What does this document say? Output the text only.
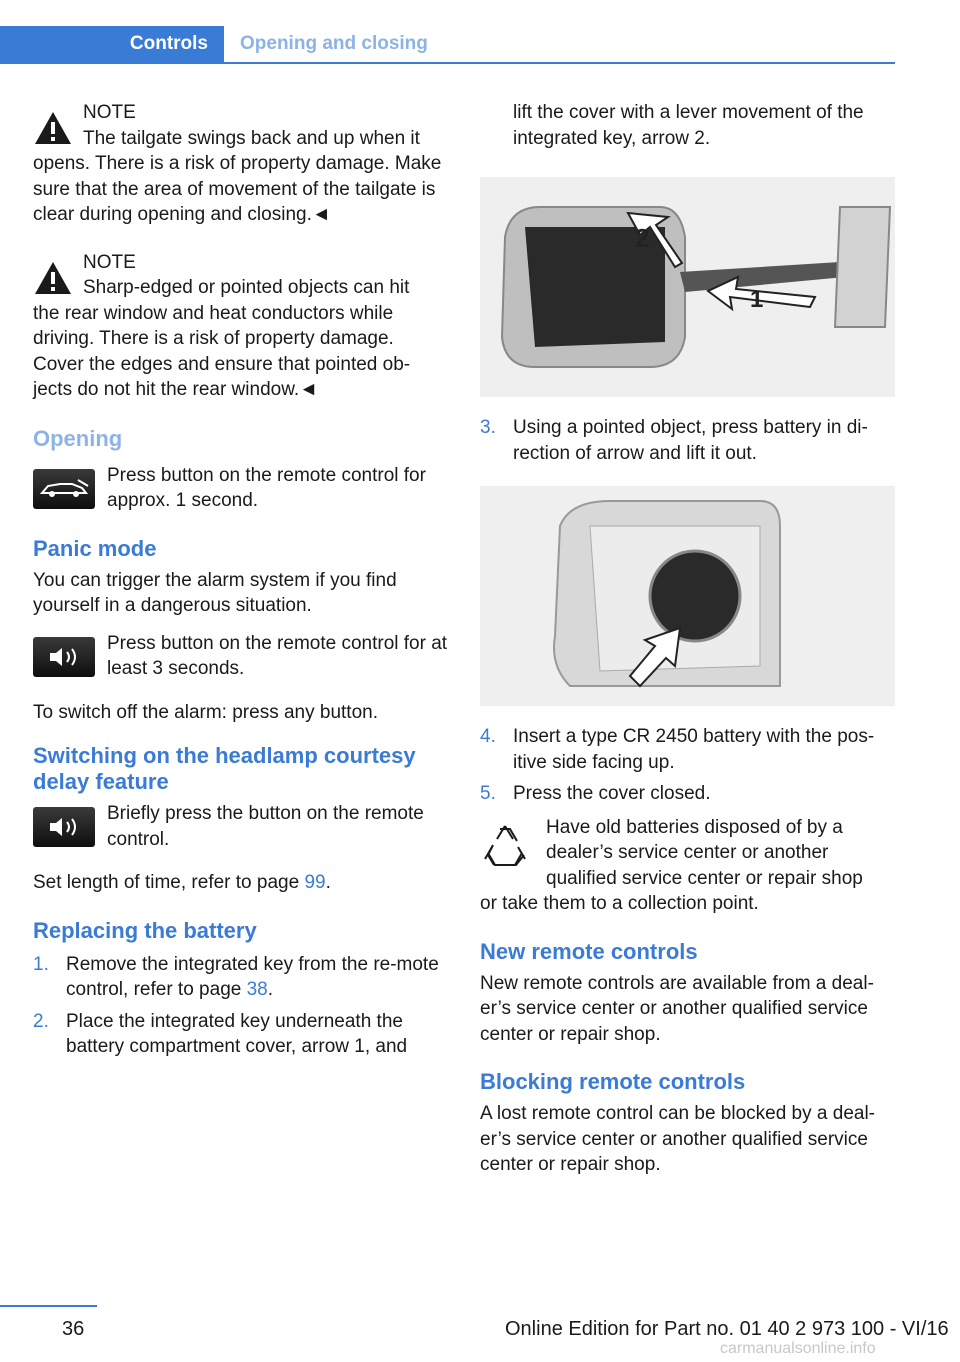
Controls	Opening and closing
NOTE
The tailgate swings back and up when it
opens. There is a risk of property damage. Make sure that the area of movement of the tailgate is clear during opening and closing.◄
NOTE
Sharp-edged or pointed objects can hit
the rear window and heat conductors while driving. There is a risk of property damage. Cover the edges and ensure that pointed ob‐jects do not hit the rear window.◄
Opening
Press button on the remote control for approx. 1 second.
Panic mode

You can trigger the alarm system if you find yourself in a dangerous situation.

Press button on the remote control for at least 3 seconds.

To switch off the alarm: press any button.

Switching on the headlamp courtesy delay feature
Briefly press the button on the remote control.

Set length of time, refer to page 99.

Replacing the battery
1. Remove the integrated key from the re‐mote control, refer to page 38.
2. Place the integrated key underneath the battery compartment cover, arrow 1, and

lift the cover with a lever movement of the integrated key, arrow 2.

2
1
3. Using a pointed object, press battery in di‐rection of arrow and lift it out.
4. Insert a type CR 2450 battery with the pos‐itive side facing up.
5. Press the cover closed.
Have old batteries disposed of by a dealer’s service center or another qualified service center or repair shop
or take them to a collection point.
New remote controls

New remote controls are available from a deal‐er’s service center or another qualified service center or repair shop.

Blocking remote controls

A lost remote control can be blocked by a deal‐er’s service center or another qualified service center or repair shop.

36	Online Edition for Part no. 01 40 2 973 100 - VI/16
carmanualsonline.info
